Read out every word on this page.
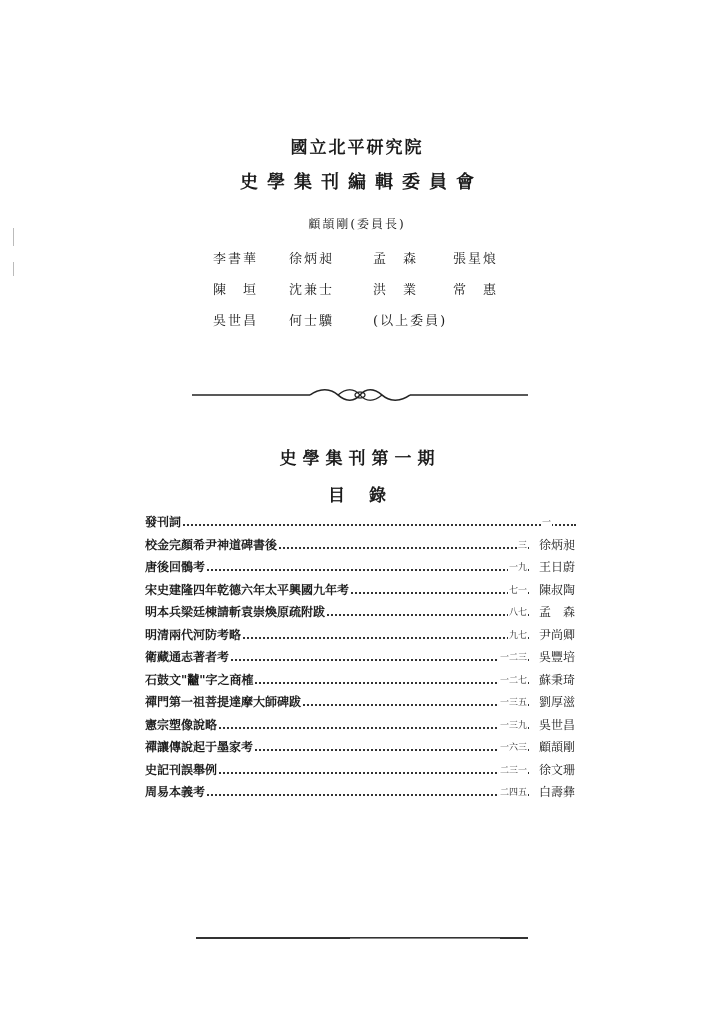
國立北平研究院
史學集刊編輯委員會
顧頡剛(委員長)
李書華 徐炳昶	孟　森	張星烺
陳　垣 沈兼士	洪　業	常　惠
吳世昌 何士驥	(以上委員)
史學集刊第一期
目錄
發刊詞	一
校金完顏希尹神道碑書後	三 徐炳昶
唐後回鶻考	一九 王日蔚
宋史建隆四年乾德六年太平興國九年考	七一 陳叔陶
明本兵梁廷棟請斬袁崇煥原疏附跋	八七 孟　森
明清兩代河防考略	九七 尹尚卿
衛藏通志著者考	一二三 吳豐培
石鼓文"𪓐"字之商榷	一二七 蘇秉琦
禪門第一祖菩提達摩大師碑跋	一三五 劉厚滋
憲宗塑像說略	一三九 吳世昌
禪讓傳說起于墨家考	一六三 顧頡剛
史記刊誤舉例	二三一 徐文珊
周易本義考	二四五 白壽彝
